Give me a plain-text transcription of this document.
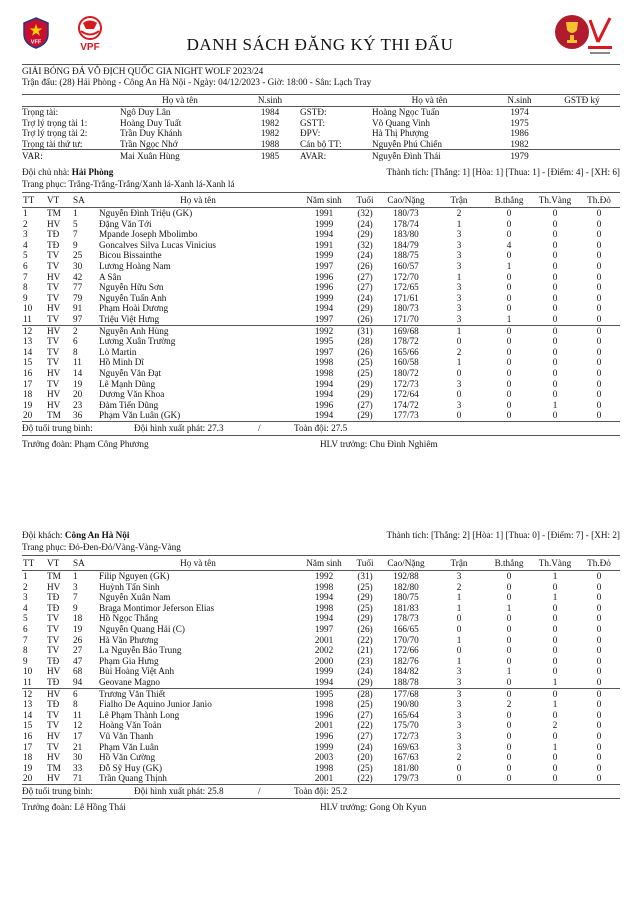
VFF	VPF	DANH SÁCH ĐĂNG KÝ THI ĐẤU
GIẢI BÓNG ĐÁ VÔ ĐỊCH QUỐC GIA NIGHT WOLF 2023/24
Trận đấu: (28) Hải Phòng - Công An Hà Nội - Ngày: 04/12/2023 - Giờ: 18:00 - Sân: Lạch Tray
Họ và tên	N.sinh	Họ và tên	N.sinh	GSTĐ ký
Trọng tài:	Ngô Duy Lân	1984	GSTĐ:	Hoàng Ngọc Tuấn	1974
Trợ lý trọng tài 1:	Hoàng Duy Tuất	1982	GSTT:	Võ Quang Vinh	1975
Trợ lý trọng tài 2:	Trần Duy Khánh	1982	ĐPV:	Hà Thị Phượng	1986
Trọng tài thứ tư:	Trần Ngọc Nhớ	1988	Cán bộ TT:	Nguyễn Phú Chiến	1982
VAR:	Mai Xuân Hùng	1985	AVAR:	Nguyễn Đình Thái	1979
Đội chủ nhà: Hải Phòng	Thành tích: [Thắng: 1] [Hòa: 1] [Thua: 1] - [Điểm: 4] - [XH: 6]
Trang phục: Trắng-Trắng-Trắng/Xanh lá-Xanh lá-Xanh lá
TT	VT	SA	Họ và tên	Năm sinh	Tuổi	Cao/Nặng	Trận	B.thắng	Th.Vàng	Th.Đỏ
1	TM	1	Nguyễn Đình Triệu (GK)	1991	(32)	180/73	2	0	0	0
2	HV	5	Đặng Văn Tới	1999	(24)	178/74	1	0	0	0
3	TĐ	7	Mpande Joseph Mbolimbo	1994	(29)	183/80	3	0	0	0
4	TĐ	9	Goncalves Silva Lucas Vinicius	1991	(32)	184/79	3	4	0	0
5	TV	25	Bicou Bissainthe	1999	(24)	188/75	3	0	0	0
6	TV	30	Lương Hoàng Nam	1997	(26)	160/57	3	1	0	0
7	HV	42	A Sân	1996	(27)	172/70	1	0	0	0
8	TV	77	Nguyễn Hữu Sơn	1996	(27)	172/65	3	0	0	0
9	TV	79	Nguyễn Tuấn Anh	1999	(24)	171/61	3	0	0	0
10	HV	91	Phạm Hoài Dương	1994	(29)	180/73	3	0	0	0
11	TV	97	Triệu Việt Hưng	1997	(26)	171/70	3	1	0	0
12	HV	2	Nguyễn Anh Hùng	1992	(31)	169/68	1	0	0	0
13	TV	6	Lương Xuân Trường	1995	(28)	178/72	0	0	0	0
14	TV	8	Lò Martin	1997	(26)	165/66	2	0	0	0
15	TV	11	Hồ Minh Dĩ	1998	(25)	160/58	1	0	0	0
16	HV	14	Nguyễn Văn Đạt	1998	(25)	180/72	0	0	0	0
17	TV	19	Lê Mạnh Dũng	1994	(29)	172/73	3	0	0	0
18	HV	20	Dương Văn Khoa	1994	(29)	172/64	0	0	0	0
19	HV	23	Đàm Tiến Dũng	1996	(27)	174/72	3	0	1	0
20	TM	36	Phạm Văn Luân (GK)	1994	(29)	177/73	0	0	0	0
Độ tuổi trung bình:	Đội hình xuất phát: 27.3	/	Toàn đội: 27.5
Trưởng đoàn: Phạm Công Phương	HLV trưởng: Chu Đình Nghiêm
Đội khách: Công An Hà Nội	Thành tích: [Thắng: 2] [Hòa: 1] [Thua: 0] - [Điểm: 7] - [XH: 2]
Trang phục: Đỏ-Đen-Đỏ/Vàng-Vàng-Vàng
TT	VT	SA	Họ và tên	Năm sinh	Tuổi	Cao/Nặng	Trận	B.thắng	Th.Vàng	Th.Đỏ
1	TM	1	Filip Nguyen (GK)	1992	(31)	192/88	3	0	1	0
2	HV	3	Huỳnh Tấn Sinh	1998	(25)	182/80	2	0	0	0
3	TĐ	7	Nguyễn Xuân Nam	1994	(29)	180/75	1	0	1	0
4	TĐ	9	Braga Montimor Jeferson Elias	1998	(25)	181/83	1	1	0	0
5	TV	18	Hồ Ngọc Thắng	1994	(29)	178/73	0	0	0	0
6	TV	19	Nguyễn Quang Hải (C)	1997	(26)	166/65	0	0	0	0
7	TV	26	Hà Văn Phương	2001	(22)	170/70	1	0	0	0
8	TV	27	La Nguyễn Bảo Trung	2002	(21)	172/66	0	0	0	0
9	TĐ	47	Phạm Gia Hưng	2000	(23)	182/76	1	0	0	0
10	HV	68	Bùi Hoàng Việt Anh	1999	(24)	184/82	3	1	0	0
11	TĐ	94	Geovane Magno	1994	(29)	188/78	3	0	1	0
12	HV	6	Trương Văn Thiết	1995	(28)	177/68	3	0	0	0
13	TĐ	8	Fialho De Aquino Junior Janio	1998	(25)	190/80	3	2	1	0
14	TV	11	Lê Phạm Thành Long	1996	(27)	165/64	3	0	0	0
15	TV	12	Hoàng Văn Toản	2001	(22)	175/70	3	0	2	0
16	HV	17	Vũ Văn Thanh	1996	(27)	172/73	3	0	0	0
17	TV	21	Phạm Văn Luân	1999	(24)	169/63	3	0	1	0
18	HV	30	Hồ Văn Cường	2003	(20)	167/63	2	0	0	0
19	TM	33	Đỗ Sỹ Huy (GK)	1998	(25)	181/80	0	0	0	0
20	HV	71	Trần Quang Thịnh	2001	(22)	179/73	0	0	0	0
Độ tuổi trung bình:	Đội hình xuất phát: 25.8	/	Toàn đội: 25.2
Trưởng đoàn: Lê Hồng Thái	HLV trưởng: Gong Oh Kyun
